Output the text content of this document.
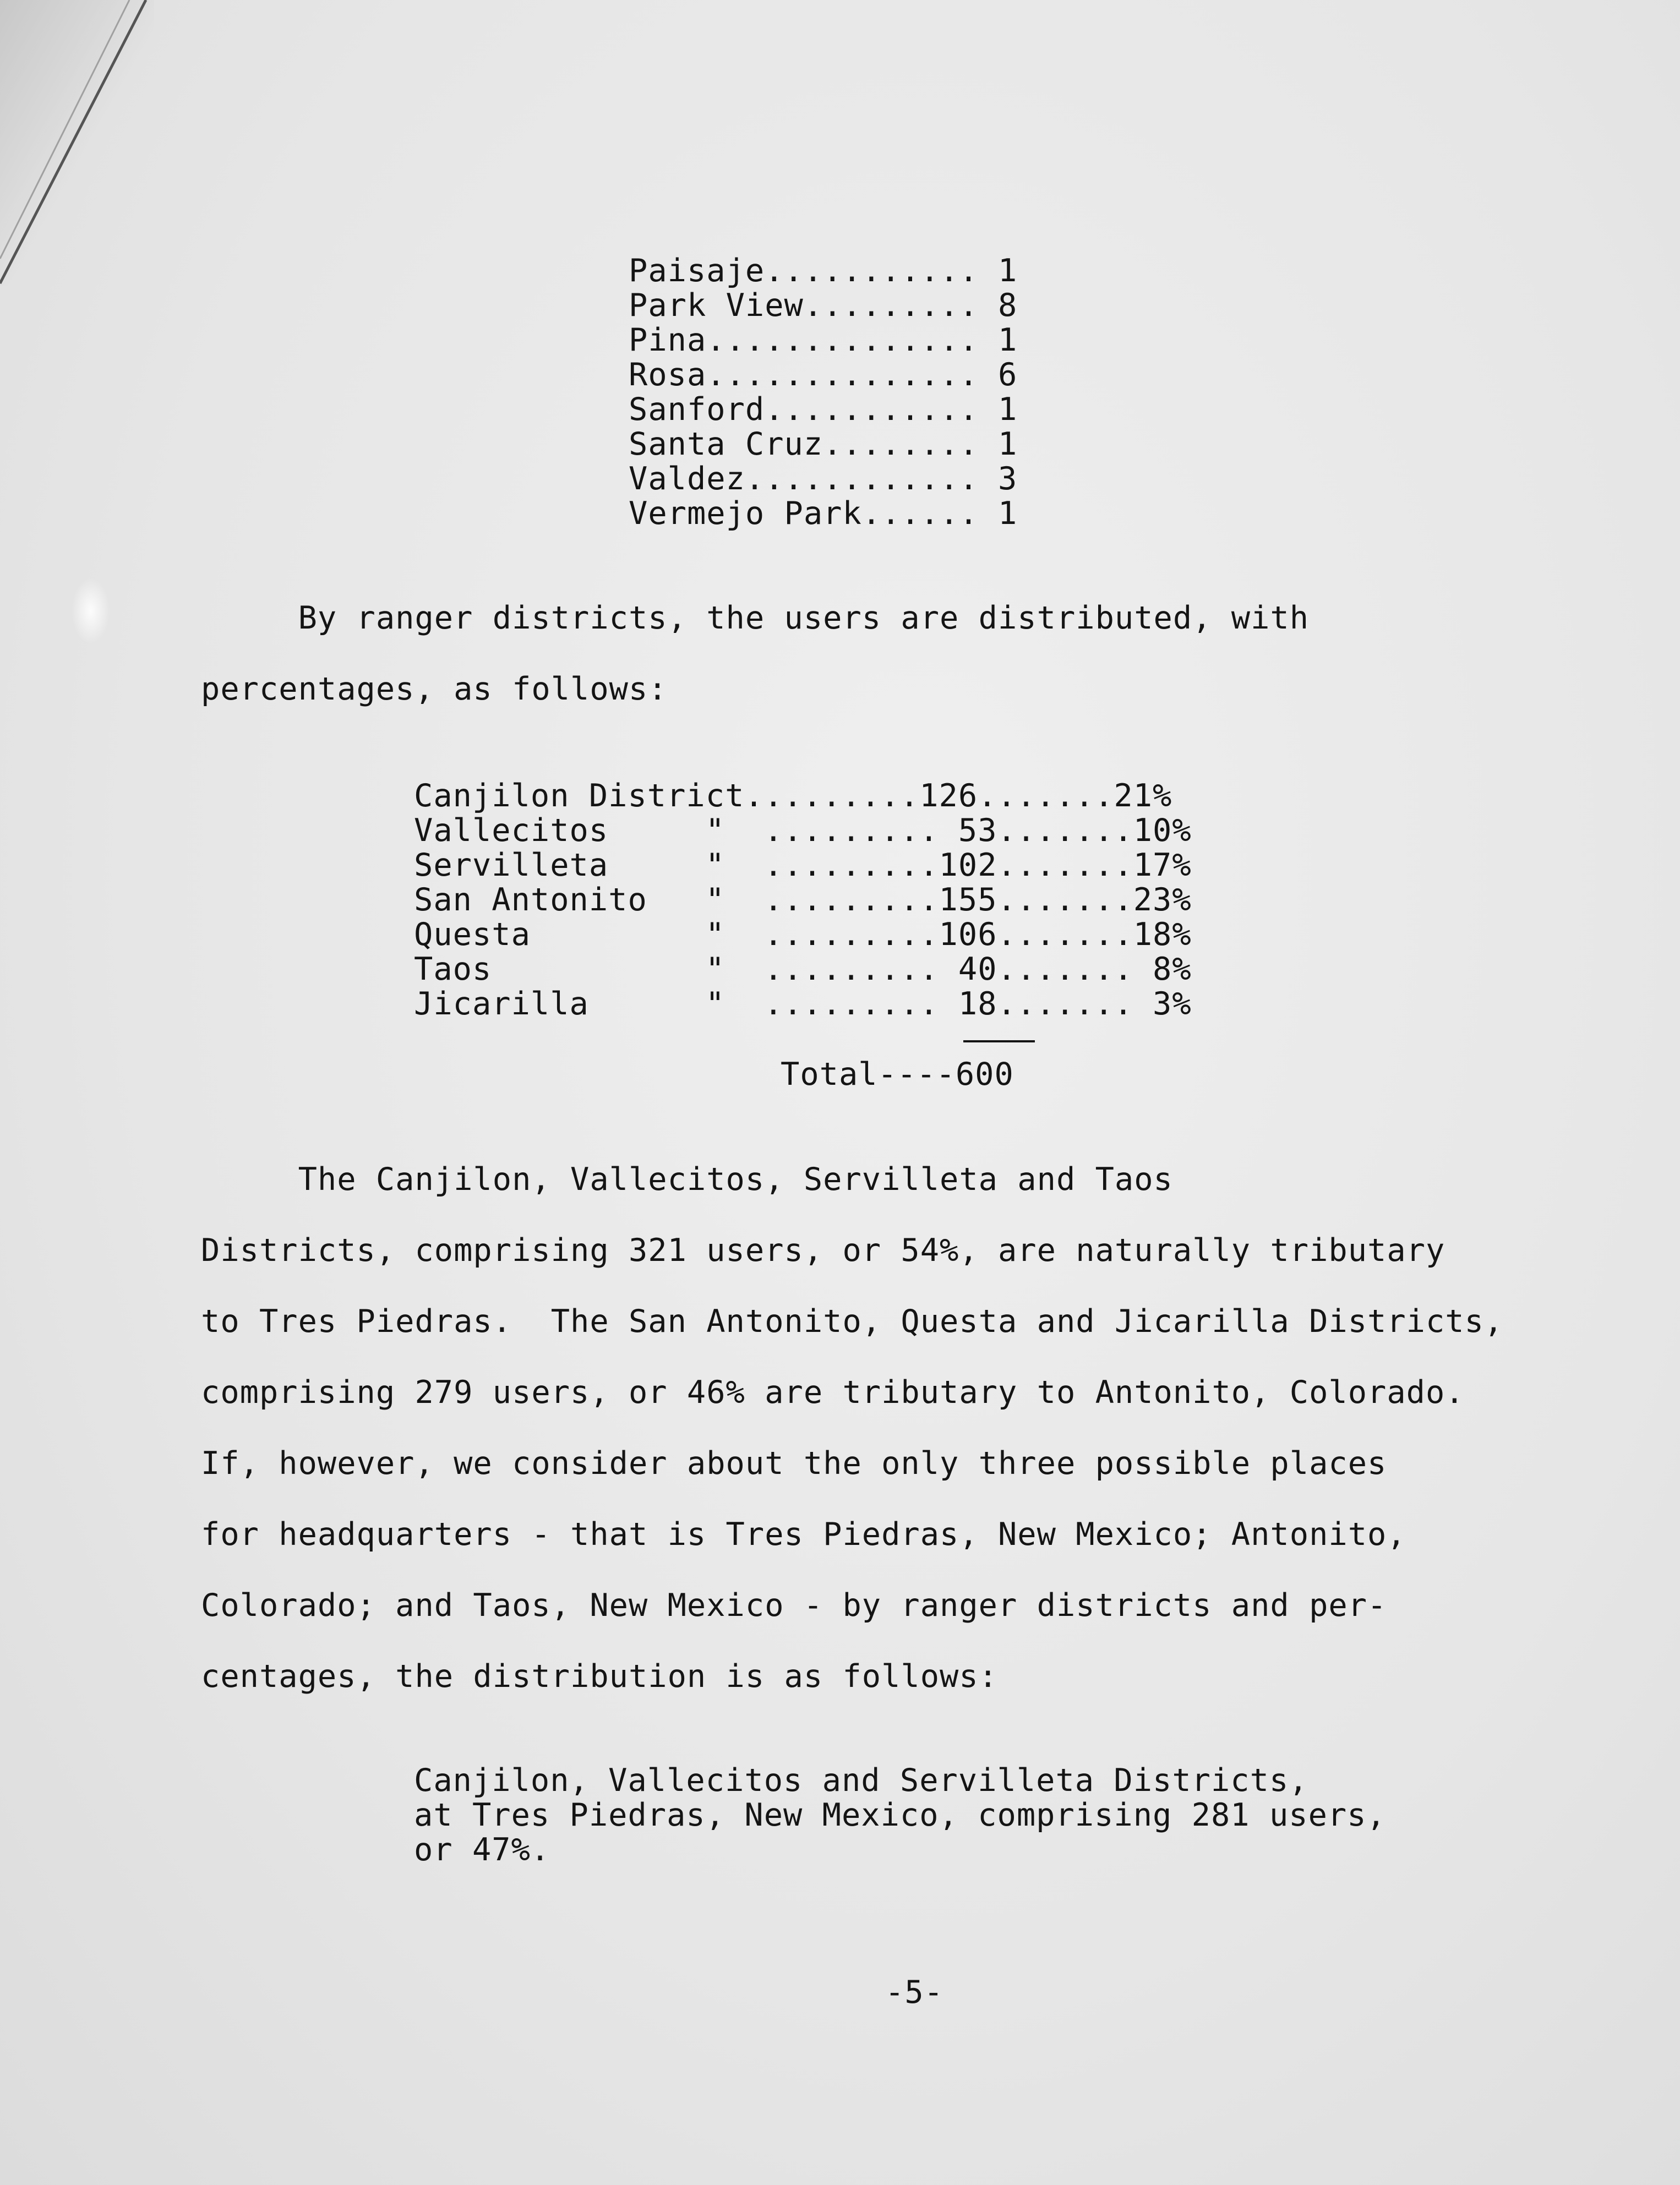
Paisaje........... 1
Park View......... 8
Pina.............. 1
Rosa.............. 6
Sanford........... 1
Santa Cruz........ 1
Valdez............ 3
Vermejo Park...... 1
By ranger districts, the users are distributed, with
percentages, as follows:
Canjilon District.........126.......21%
Vallecitos     "  ......... 53.......10%
Servilleta     "  .........102.......17%
San Antonito   "  .........155.......23%
Questa         "  .........106.......18%
Taos           "  ......... 40....... 8%
Jicarilla      "  ......... 18....... 3%
Total----600
The Canjilon, Vallecitos, Servilleta and Taos
Districts, comprising 321 users, or 54%, are naturally tributary
to Tres Piedras.  The San Antonito, Questa and Jicarilla Districts,
comprising 279 users, or 46% are tributary to Antonito, Colorado.
If, however, we consider about the only three possible places
for headquarters - that is Tres Piedras, New Mexico; Antonito,
Colorado; and Taos, New Mexico - by ranger districts and per-
centages, the distribution is as follows:
Canjilon, Vallecitos and Servilleta Districts,
at Tres Piedras, New Mexico, comprising 281 users,
or 47%.
-5-
